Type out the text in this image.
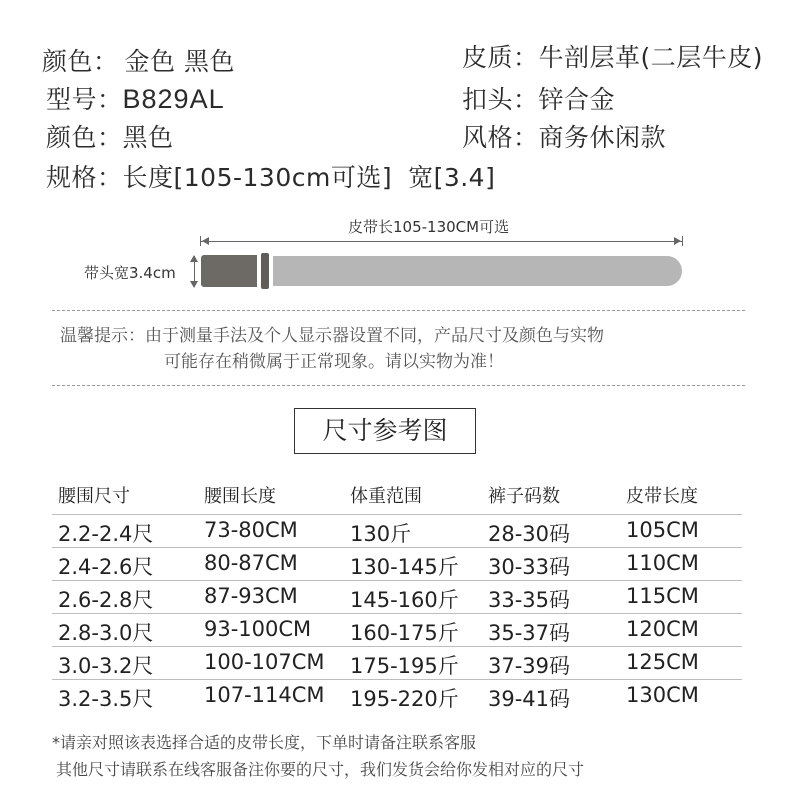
颜色： 金色 黑色	皮质：牛剖层革(二层牛皮)
型号：B829AL	扣头：锌合金
颜色：黑色	风格：商务休闲款
规格：长度[105-130cm可选] 宽[3.4]
皮带长105-130CM可选
带头宽3.4cm
温馨提示：由于测量手法及个人显示器设置不同，产品尺寸及颜色与实物
可能存在稍微属于正常现象。请以实物为准！
尺寸参考图
腰围尺寸	腰围长度	体重范围	裤子码数	皮带长度
2.2-2.4尺 73-80CM 130斤	28-30码	105CM
2.4-2.6尺 80-87CM 130-145斤 30-33码	110CM
2.6-2.8尺 87-93CM 145-160斤 33-35码	115CM
2.8-3.0尺 93-100CM 160-175斤 35-37码	120CM
3.0-3.2尺 100-107CM 175-195斤 37-39码	125CM
3.2-3.5尺 107-114CM 195-220斤 39-41码	130CM
*请亲对照该表选择合适的皮带长度，下单时请备注联系客服
其他尺寸请联系在线客服备注你要的尺寸，我们发货会给你发相对应的尺寸
